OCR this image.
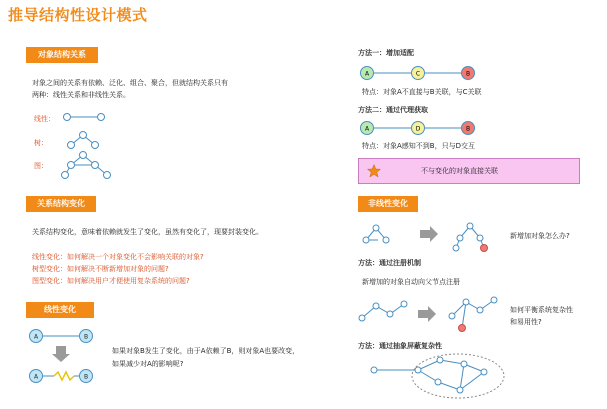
推导结构性设计模式
对象结构关系
对象之间的关系有依赖、泛化、组合、聚合，但就结构关系只有
两种：线性关系和非线性关系。
线性：
树：
图：
关系结构变化
关系结构变化，意味着依赖就发生了变化，虽然有变化了，现要封装变化。
线性变化：如何解决一个对象变化不会影响关联的对象?
树型变化：如何解决不断新增加对象的问题?
图型变化：如何解决用户才便使用复杂系统的问题?
线性变化
A	B
A	B
如果对象B发生了变化，由于A依赖了B，则对象A也要改变，
如果减少对A的影响呢?
方法一：增加适配
A	C	B
特点：对象A不直接与B关联，与C关联
方法二：通过代理获取
A	D	B
特点：对象A感知不到B，只与D交互
不与变化的对象直接关联
非线性变化
新增加对象怎么办?
方法：通过注册机制
新增加的对象自动向父节点注册
如何平衡系统复杂性
和易用性?
方法：通过抽象屏蔽复杂性
